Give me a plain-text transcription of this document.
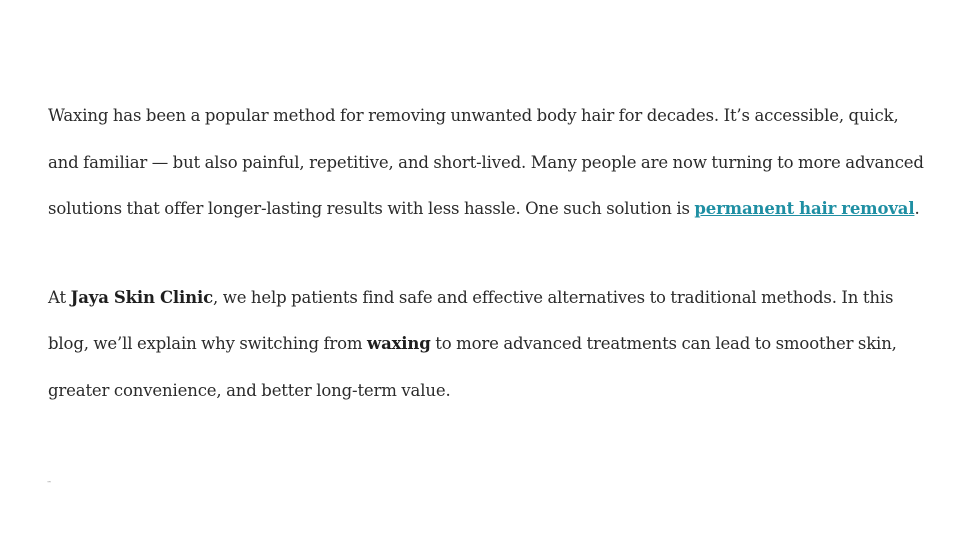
Waxing has been a popular method for removing unwanted body hair for decades. It’s accessible, quick, and familiar — but also painful, repetitive, and short-lived. Many people are now turning to more advanced solutions that offer longer-lasting results with less hassle. One such solution is permanent hair removal.

At Jaya Skin Clinic, we help patients find safe and effective alternatives to traditional methods. In this blog, we’ll explain why switching from waxing to more advanced treatments can lead to smoother skin, greater convenience, and better long-term value.

™
